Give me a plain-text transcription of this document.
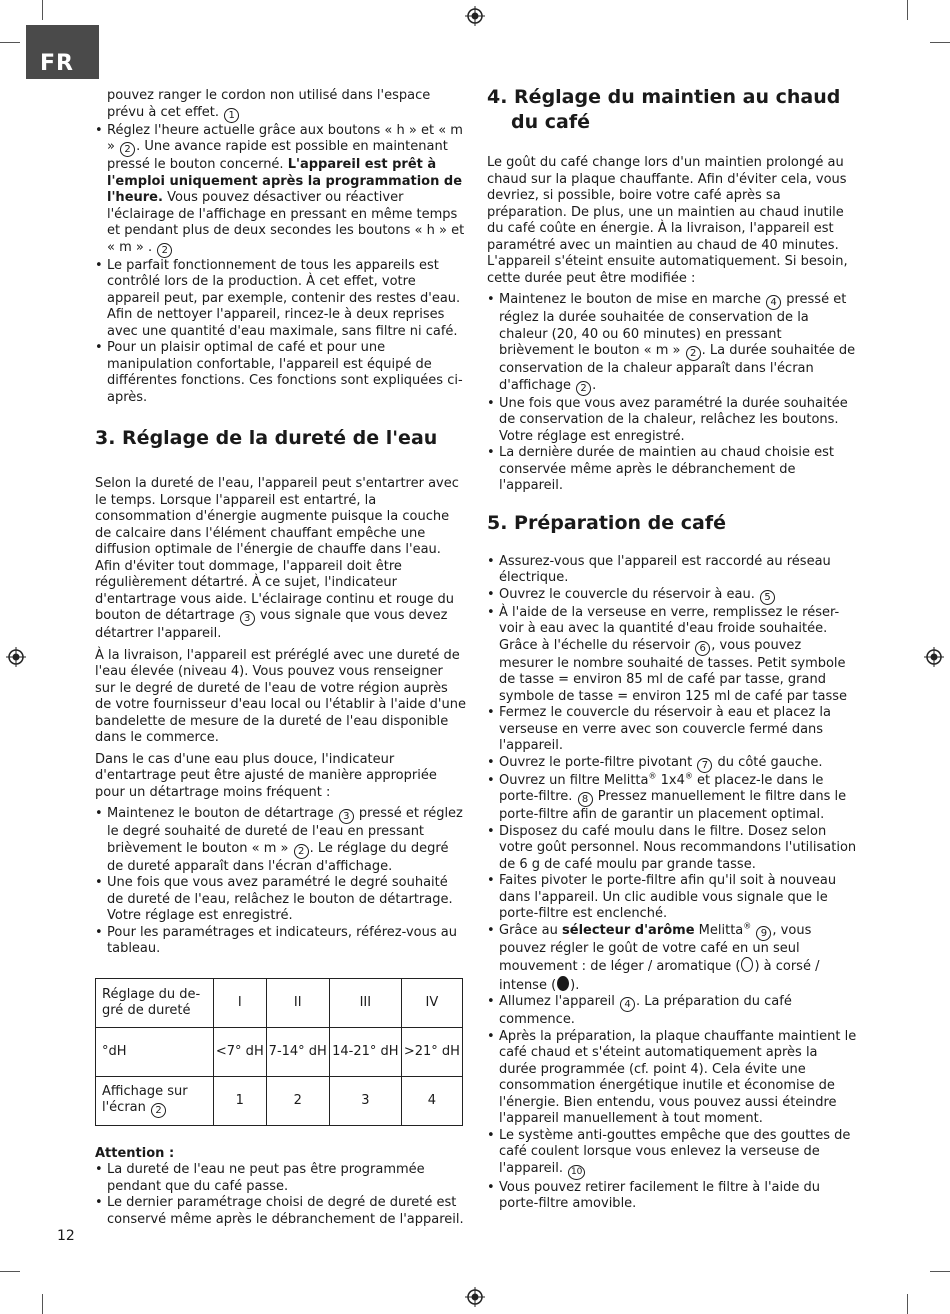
FR

pouvez ranger le cordon non utilisé dans l'espace prévu à cet effet. 1

• Réglez l'heure actuelle grâce aux boutons « h » et « m » 2 . Une avance rapide est possible en maintenant pressé le bouton concerné. L'appareil est prêt à l'emploi uniquement après la programmation de l'heure. Vous pouvez désactiver ou réactiver l'éclairage de l'affichage en pressant en même temps et pendant plus de deux secondes les boutons « h » et « m » . 2
• Le parfait fonctionnement de tous les appareils est contrôlé lors de la production. À cet effet, votre appareil peut, par exemple, contenir des restes d'eau. Afin de nettoyer l'appareil, rincez-le à deux reprises avec une quantité d'eau maximale, sans filtre ni café.
• Pour un plaisir optimal de café et pour une manipulation confortable, l'appareil est équipé de différentes fonctions. Ces fonctions sont expliquées ci-après.
3. Réglage de la dureté de l'eau

Selon la dureté de l'eau, l'appareil peut s'entartrer avec le temps. Lorsque l'appareil est entartré, la consommation d'énergie augmente puisque la couche de calcaire dans l'élément chauffant empêche une diffusion optimale de l'énergie de chauffe dans l'eau. Afin d'éviter tout dommage, l'appareil doit être régulièrement détartré. À ce sujet, l'indicateur d'entartrage vous aide. L'éclairage continu et rouge du bouton de détartrage 3 vous signale que vous devez détartrer l'appareil.

À la livraison, l'appareil est préréglé avec une dureté de l'eau élevée (niveau 4). Vous pouvez vous renseigner sur le degré de dureté de l'eau de votre région auprès de votre fournisseur d'eau local ou l'établir à l'aide d'une bandelette de mesure de la dureté de l'eau disponible dans le commerce.

Dans le cas d'une eau plus douce, l'indicateur d'entartrage peut être ajusté de manière appropriée pour un détartrage moins fréquent :

• Maintenez le bouton de détartrage 3 pressé et réglez le degré souhaité de dureté de l'eau en pressant brièvement le bouton « m » 2 . Le réglage du degré de dureté apparaît dans l'écran d'affichage.
• Une fois que vous avez paramétré le degré souhaité de dureté de l'eau, relâchez le bouton de détartrage. Votre réglage est enregistré.
• Pour les paramétrages et indicateurs, référez-vous au tableau.
Réglage du de-gré de dureté	I	II	III	IV
°dH	<7° dH	7-14° dH	14-21° dH	>21° dH
Affichage sur l'écran 2	1	2	3	4

Attention :

• La dureté de l'eau ne peut pas être programmée pendant que du café passe.
• Le dernier paramétrage choisi de degré de dureté est conservé même après le débranchement de l'appareil.
4. Réglage du maintien au chaud
du café

Le goût du café change lors d'un maintien prolongé au chaud sur la plaque chauffante. Afin d'éviter cela, vous devriez, si possible, boire votre café après sa préparation. De plus, une un maintien au chaud inutile du café coûte en énergie. À la livraison, l'appareil est paramétré avec un maintien au chaud de 40 minutes. L'appareil s'éteint ensuite automatiquement. Si besoin, cette durée peut être modifiée :

• Maintenez le bouton de mise en marche 4 pressé et réglez la durée souhaitée de conservation de la chaleur (20, 40 ou 60 minutes) en pressant brièvement le bouton « m » 2 . La durée souhaitée de conservation de la chaleur apparaît dans l'écran d'affichage 2 .
• Une fois que vous avez paramétré la durée souhaitée de conservation de la chaleur, relâchez les boutons. Votre réglage est enregistré.
• La dernière durée de maintien au chaud choisie est conservée même après le débranchement de l'appareil.
5. Préparation de café
• Assurez-vous que l'appareil est raccordé au réseau électrique.
• Ouvrez le couvercle du réservoir à eau. 5
• À l'aide de la verseuse en verre, remplissez le réser-voir à eau avec la quantité d'eau froide souhaitée. Grâce à l'échelle du réservoir 6 , vous pouvez mesurer le nombre souhaité de tasses. Petit symbole de tasse = environ 85 ml de café par tasse, grand symbole de tasse = environ 125 ml de café par tasse
• Fermez le couvercle du réservoir à eau et placez la verseuse en verre avec son couvercle fermé dans l'appareil.
• Ouvrez le porte-filtre pivotant 7 du côté gauche.
• Ouvrez un filtre Melitta® 1x4® et placez-le dans le porte-filtre. 8 Pressez manuellement le filtre dans le porte-filtre afin de garantir un placement optimal.
• Disposez du café moulu dans le filtre. Dosez selon votre goût personnel. Nous recommandons l'utilisation de 6 g de café moulu par grande tasse.
• Faites pivoter le porte-filtre afin qu'il soit à nouveau dans l'appareil. Un clic audible vous signale que le porte-filtre est enclenché.
• Grâce au sélecteur d'arôme Melitta® 9 , vous pouvez régler le goût de votre café en un seul mouvement : de léger / aromatique ( ) à corsé / intense ( ).
• Allumez l'appareil 4 . La préparation du café commence.
• Après la préparation, la plaque chauffante maintient le café chaud et s'éteint automatiquement après la durée programmée (cf. point 4). Cela évite une consommation énergétique inutile et économise de l'énergie. Bien entendu, vous pouvez aussi éteindre l'appareil manuellement à tout moment.
• Le système anti-gouttes empêche que des gouttes de café coulent lorsque vous enlevez la verseuse de l'appareil. 10
• Vous pouvez retirer facilement le filtre à l'aide du porte-filtre amovible.
12
